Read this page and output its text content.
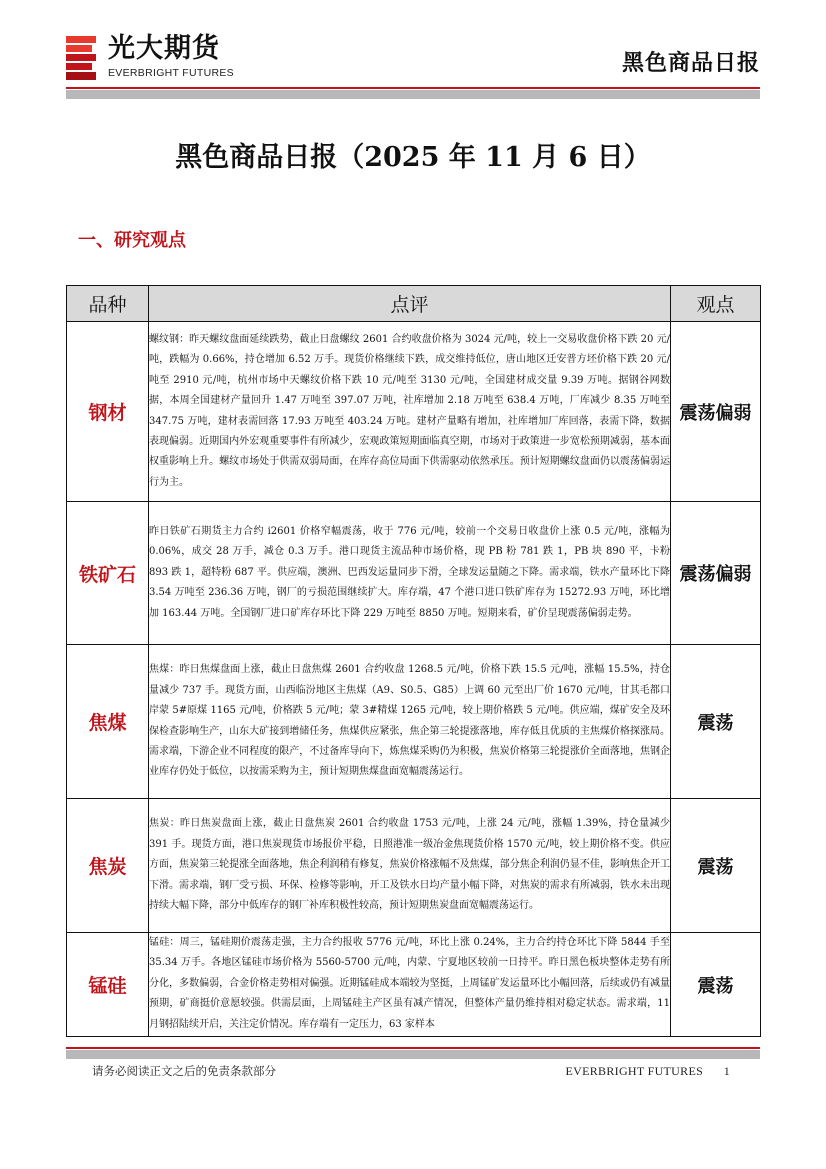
光大期货
EVERBRIGHT FUTURES	黑色商品日报
黑色商品日报（2025 年 11 月 6 日）
一、研究观点
品种	点评	观点
钢材	螺纹钢：昨天螺纹盘面延续跌势，截止日盘螺纹 2601 合约收盘价格为 3024 元/吨，较上一交易收盘价格下跌 20 元/吨，跌幅为 0.66%，持仓增加 6.52 万手。现货价格继续下跌，成交维持低位，唐山地区迁安普方坯价格下跌 20 元/吨至 2910 元/吨，杭州市场中天螺纹价格下跌 10 元/吨至 3130 元/吨，全国建材成交量 9.39 万吨。据钢谷网数据，本周全国建材产量回升 1.47 万吨至 397.07 万吨，社库增加 2.18 万吨至 638.4 万吨，厂库减少 8.35 万吨至 347.75 万吨，建材表需回落 17.93 万吨至 403.24 万吨。建材产量略有增加，社库增加厂库回落，表需下降，数据表现偏弱。近期国内外宏观重要事件有所减少，宏观政策短期面临真空期，市场对于政策进一步宽松预期减弱，基本面权重影响上升。螺纹市场处于供需双弱局面，在库存高位局面下供需驱动依然承压。预计短期螺纹盘面仍以震荡偏弱运行为主。	震荡偏弱
铁矿石	昨日铁矿石期货主力合约 i2601 价格窄幅震荡，收于 776 元/吨，较前一个交易日收盘价上涨 0.5 元/吨，涨幅为 0.06%，成交 28 万手，减仓 0.3 万手。港口现货主流品种市场价格，现 PB 粉 781 跌 1，PB 块 890 平，卡粉 893 跌 1，超特粉 687 平。供应端，澳洲、巴西发运量同步下滑，全球发运量随之下降。需求端，铁水产量环比下降 3.54 万吨至 236.36 万吨，钢厂的亏损范围继续扩大。库存端，47 个港口进口铁矿库存为 15272.93 万吨，环比增加 163.44 万吨。全国钢厂进口矿库存环比下降 229 万吨至 8850 万吨。短期来看，矿价呈现震荡偏弱走势。	震荡偏弱
焦煤	焦煤：昨日焦煤盘面上涨，截止日盘焦煤 2601 合约收盘 1268.5 元/吨，价格下跌 15.5 元/吨，涨幅 15.5%，持仓量减少 737 手。现货方面，山西临汾地区主焦煤（A9、S0.5、G85）上调 60 元至出厂价 1670 元/吨，甘其毛都口岸蒙 5#原煤 1165 元/吨，价格跌 5 元/吨；蒙 3#精煤 1265 元/吨，较上期价格跌 5 元/吨。供应端，煤矿安全及环保检查影响生产，山东大矿接到增储任务，焦煤供应紧张，焦企第三轮提涨落地，库存低且优质的主焦煤价格探涨局。需求端，下游企业不同程度的限产，不过备库导向下，炼焦煤采购仍为积极，焦炭价格第三轮提涨价全面落地，焦钢企业库存仍处于低位，以按需采购为主，预计短期焦煤盘面宽幅震荡运行。	震荡
焦炭	焦炭：昨日焦炭盘面上涨，截止日盘焦炭 2601 合约收盘 1753 元/吨，上涨 24 元/吨，涨幅 1.39%，持仓量减少 391 手。现货方面，港口焦炭现货市场报价平稳，日照港准一级冶金焦现货价格 1570 元/吨，较上期价格不变。供应方面，焦炭第三轮提涨全面落地，焦企利润稍有修复，焦炭价格涨幅不及焦煤，部分焦企利润仍显不佳，影响焦企开工下滑。需求端，钢厂受亏损、环保、检修等影响，开工及铁水日均产量小幅下降，对焦炭的需求有所减弱，铁水未出现持续大幅下降，部分中低库存的钢厂补库积极性较高，预计短期焦炭盘面宽幅震荡运行。	震荡
锰硅	锰硅：周三，锰硅期价震荡走强，主力合约报收 5776 元/吨，环比上涨 0.24%，主力合约持仓环比下降 5844 手至 35.34 万手。各地区锰硅市场价格为 5560-5700 元/吨，内蒙、宁夏地区较前一日持平。昨日黑色板块整体走势有所分化，多数偏弱，合金价格走势相对偏强。近期锰硅成本端较为坚挺，上周锰矿发运量环比小幅回落，后续或仍有减量预期，矿商挺价意愿较强。供需层面，上周锰硅主产区虽有减产情况，但整体产量仍维持相对稳定状态。需求端，11 月钢招陆续开启，关注定价情况。库存端有一定压力，63 家样本	震荡
请务必阅读正文之后的免责条款部分	EVERBRIGHT FUTURES 1
